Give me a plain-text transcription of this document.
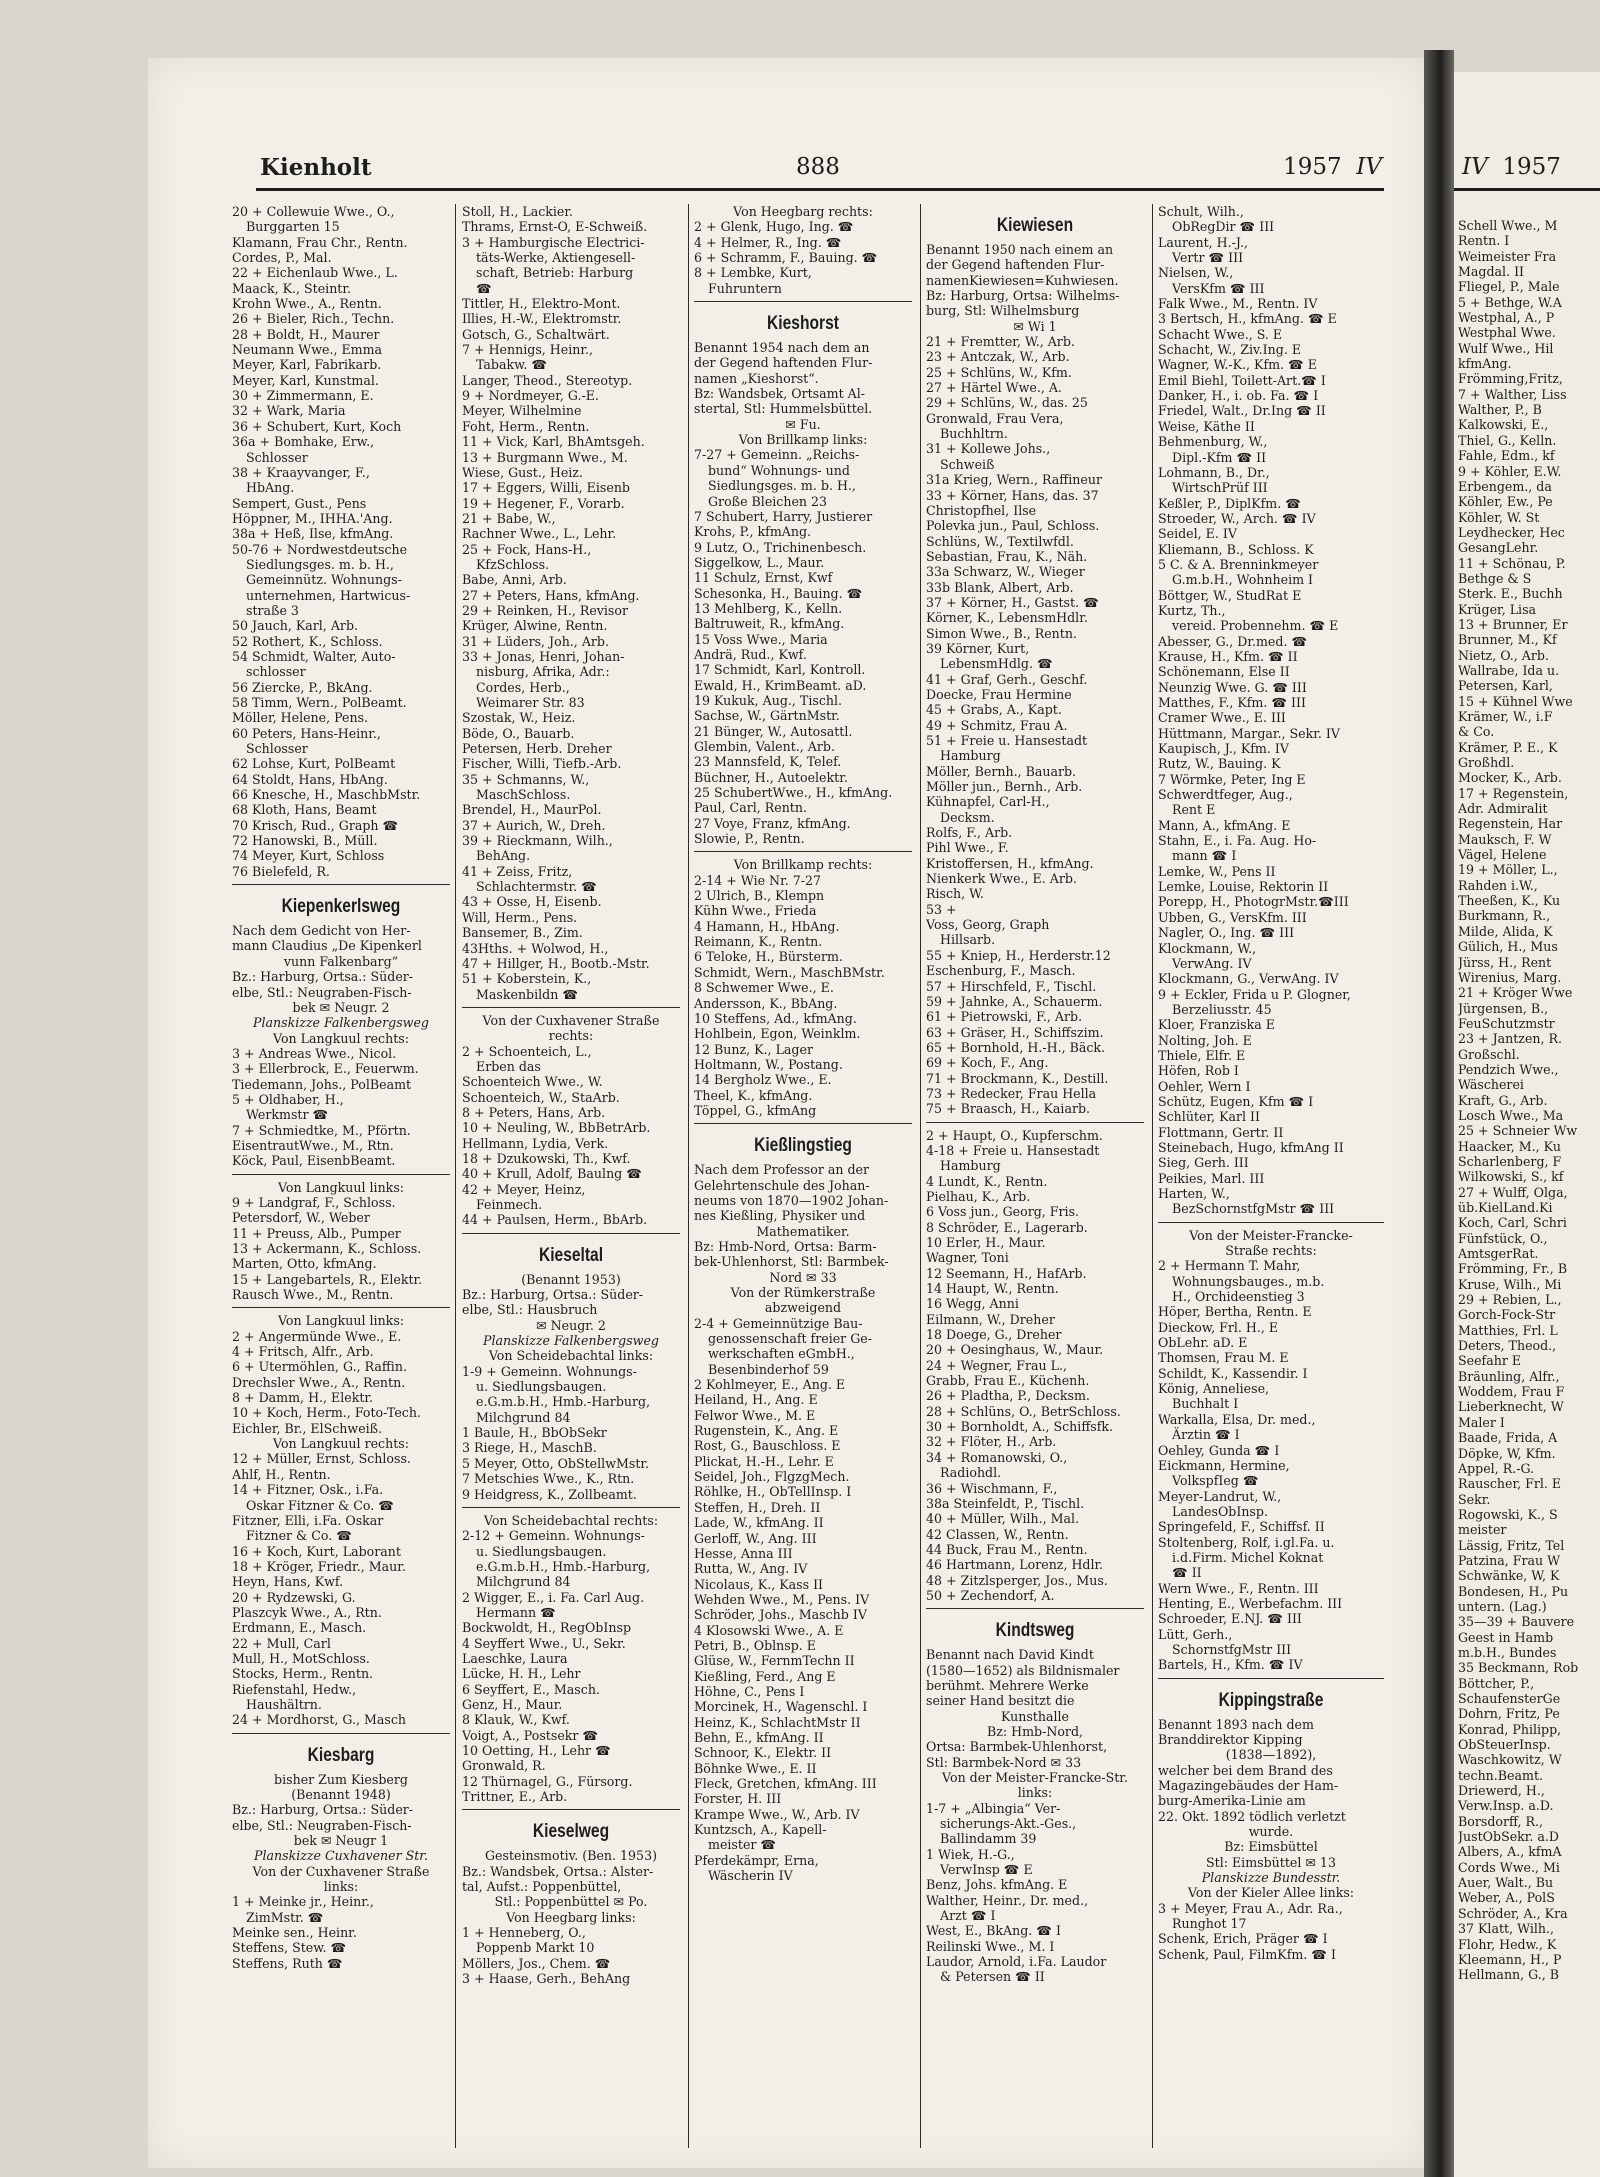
Kienholt	888	1957 IV
20 + Collewuie Wwe., O.,
Burggarten 15
Klamann, Frau Chr., Rentn.
Cordes, P., Mal.
22 + Eichenlaub Wwe., L.
Maack, K., Steintr.
Krohn Wwe., A., Rentn.
26 + Bieler, Rich., Techn.
28 + Boldt, H., Maurer
Neumann Wwe., Emma
Meyer, Karl, Fabrikarb.
Meyer, Karl, Kunstmal.
30 + Zimmermann, E.
32 + Wark, Maria
36 + Schubert, Kurt, Koch
36a + Bomhake, Erw.,
Schlosser
38 + Kraayvanger, F.,
HbAng.
Sempert, Gust., Pens
Höppner, M., IHHA.'Ang.
38a + Heß, Ilse, kfmAng.
50-76 + Nordwestdeutsche
Siedlungsges. m. b. H.,
Gemeinnütz. Wohnungs-
unternehmen, Hartwicus-
straße 3
50 Jauch, Karl, Arb.
52 Rothert, K., Schloss.
54 Schmidt, Walter, Auto-
schlosser
56 Ziercke, P., BkAng.
58 Timm, Wern., PolBeamt.
Möller, Helene, Pens.
60 Peters, Hans-Heinr.,
Schlosser
62 Lohse, Kurt, PolBeamt
64 Stoldt, Hans, HbAng.
66 Knesche, H., MaschbMstr.
68 Kloth, Hans, Beamt
70 Krisch, Rud., Graph ☎
72 Hanowski, B., Müll.
74 Meyer, Kurt, Schloss
76 Bielefeld, R.
Kiepenkerlsweg
Nach dem Gedicht von Her-
mann Claudius „De Kipenkerl
vunn Falkenbarg“
Bz.: Harburg, Ortsa.: Süder-
elbe, Stl.: Neugraben-Fisch-
bek ✉ Neugr. 2
Planskizze Falkenbergsweg
Von Langkuul rechts:
3 + Andreas Wwe., Nicol.
3 + Ellerbrock, E., Feuerwm.
Tiedemann, Johs., PolBeamt
5 + Oldhaber, H.,
Werkmstr ☎
7 + Schmiedtke, M., Pförtn.
EisentrautWwe., M., Rtn.
Köck, Paul, EisenbBeamt.
Von Langkuul links:
9 + Landgraf, F., Schloss.
Petersdorf, W., Weber
11 + Preuss, Alb., Pumper
13 + Ackermann, K., Schloss.
Marten, Otto, kfmAng.
15 + Langebartels, R., Elektr.
Rausch Wwe., M., Rentn.
Von Langkuul links:
2 + Angermünde Wwe., E.
4 + Fritsch, Alfr., Arb.
6 + Utermöhlen, G., Raffin.
Drechsler Wwe., A., Rentn.
8 + Damm, H., Elektr.
10 + Koch, Herm., Foto-Tech.
Eichler, Br., ElSchweiß.
Von Langkuul rechts:
12 + Müller, Ernst, Schloss.
Ahlf, H., Rentn.
14 + Fitzner, Osk., i.Fa.
Oskar Fitzner & Co. ☎
Fitzner, Elli, i.Fa. Oskar
Fitzner & Co. ☎
16 + Koch, Kurt, Laborant
18 + Kröger, Friedr., Maur.
Heyn, Hans, Kwf.
20 + Rydzewski, G.
Plaszcyk Wwe., A., Rtn.
Erdmann, E., Masch.
22 + Mull, Carl
Mull, H., MotSchloss.
Stocks, Herm., Rentn.
Riefenstahl, Hedw.,
Haushältrn.
24 + Mordhorst, G., Masch
Kiesbarg
bisher Zum Kiesberg
(Benannt 1948)
Bz.: Harburg, Ortsa.: Süder-
elbe, Stl.: Neugraben-Fisch-
bek ✉ Neugr 1
Planskizze Cuxhavener Str.
Von der Cuxhavener Straße
links:
1 + Meinke jr., Heinr.,
ZimMstr. ☎
Meinke sen., Heinr.
Steffens, Stew. ☎
Steffens, Ruth ☎
Stoll, H., Lackier.
Thrams, Ernst-O, E-Schweiß.
3 + Hamburgische Electrici-
täts-Werke, Aktiengesell-
schaft, Betrieb: Harburg
☎
Tittler, H., Elektro-Mont.
Illies, H.-W., Elektromstr.
Gotsch, G., Schaltwärt.
7 + Hennigs, Heinr.,
Tabakw. ☎
Langer, Theod., Stereotyp.
9 + Nordmeyer, G.-E.
Meyer, Wilhelmine
Foht, Herm., Rentn.
11 + Vick, Karl, BhAmtsgeh.
13 + Burgmann Wwe., M.
Wiese, Gust., Heiz.
17 + Eggers, Willi, Eisenb
19 + Hegener, F., Vorarb.
21 + Babe, W.,
Rachner Wwe., L., Lehr.
25 + Fock, Hans-H.,
KfzSchloss.
Babe, Anni, Arb.
27 + Peters, Hans, kfmAng.
29 + Reinken, H., Revisor
Krüger, Alwine, Rentn.
31 + Lüders, Joh., Arb.
33 + Jonas, Henri, Johan-
nisburg, Afrika, Adr.:
Cordes, Herb.,
Weimarer Str. 83
Szostak, W., Heiz.
Böde, O., Bauarb.
Petersen, Herb. Dreher
Fischer, Willi, Tiefb.-Arb.
35 + Schmanns, W.,
MaschSchloss.
Brendel, H., MaurPol.
37 + Aurich, W., Dreh.
39 + Rieckmann, Wilh.,
BehAng.
41 + Zeiss, Fritz,
Schlachtermstr. ☎
43 + Osse, H, Eisenb.
Will, Herm., Pens.
Bansemer, B., Zim.
43Hths. + Wolwod, H.,
47 + Hillger, H., Bootb.-Mstr.
51 + Koberstein, K.,
Maskenbildn ☎
Von der Cuxhavener Straße
rechts:
2 + Schoenteich, L.,
Erben das
Schoenteich Wwe., W.
Schoenteich, W., StaArb.
8 + Peters, Hans, Arb.
10 + Neuling, W., BbBetrArb.
Hellmann, Lydia, Verk.
18 + Dzukowski, Th., Kwf.
40 + Krull, Adolf, Baulng ☎
42 + Meyer, Heinz,
Feinmech.
44 + Paulsen, Herm., BbArb.
Kieseltal
(Benannt 1953)
Bz.: Harburg, Ortsa.: Süder-
elbe, Stl.: Hausbruch
✉ Neugr. 2
Planskizze Falkenbergsweg
Von Scheidebachtal links:
1-9 + Gemeinn. Wohnungs-
u. Siedlungsbaugen.
e.G.m.b.H., Hmb.-Harburg,
Milchgrund 84
1 Baule, H., BbObSekr
3 Riege, H., MaschB.
5 Meyer, Otto, ObStellwMstr.
7 Metschies Wwe., K., Rtn.
9 Heidgress, K., Zollbeamt.
Von Scheidebachtal rechts:
2-12 + Gemeinn. Wohnungs-
u. Siedlungsbaugen.
e.G.m.b.H., Hmb.-Harburg,
Milchgrund 84
2 Wigger, E., i. Fa. Carl Aug.
Hermann ☎
Bockwoldt, H., RegObInsp
4 Seyffert Wwe., U., Sekr.
Laeschke, Laura
Lücke, H. H., Lehr
6 Seyffert, E., Masch.
Genz, H., Maur.
8 Klauk, W., Kwf.
Voigt, A., Postsekr ☎
10 Oetting, H., Lehr ☎
Gronwald, R.
12 Thürnagel, G., Fürsorg.
Trittner, E., Arb.
Kieselweg
Gesteinsmotiv. (Ben. 1953)
Bz.: Wandsbek, Ortsa.: Alster-
tal, Aufst.: Poppenbüttel,
Stl.: Poppenbüttel ✉ Po.
Von Heegbarg links:
1 + Henneberg, O.,
Poppenb Markt 10
Möllers, Jos., Chem. ☎
3 + Haase, Gerh., BehAng
Von Heegbarg rechts:
2 + Glenk, Hugo, Ing. ☎
4 + Helmer, R., Ing. ☎
6 + Schramm, F., Bauing. ☎
8 + Lembke, Kurt,
Fuhruntern
Kieshorst
Benannt 1954 nach dem an
der Gegend haftenden Flur-
namen „Kieshorst“.
Bz: Wandsbek, Ortsamt Al-
stertal, Stl: Hummelsbüttel.
✉ Fu.
Von Brillkamp links:
7-27 + Gemeinn. „Reichs-
bund“ Wohnungs- und
Siedlungsges. m. b. H.,
Große Bleichen 23
7 Schubert, Harry, Justierer
Krohs, P., kfmAng.
9 Lutz, O., Trichinenbesch.
Siggelkow, L., Maur.
11 Schulz, Ernst, Kwf
Schesonka, H., Bauing. ☎
13 Mehlberg, K., Kelln.
Baltruweit, R., kfmAng.
15 Voss Wwe., Maria
Andrä, Rud., Kwf.
17 Schmidt, Karl, Kontroll.
Ewald, H., KrimBeamt. aD.
19 Kukuk, Aug., Tischl.
Sachse, W., GärtnMstr.
21 Bünger, W., Autosattl.
Glembin, Valent., Arb.
23 Mannsfeld, K, Telef.
Büchner, H., Autoelektr.
25 SchubertWwe., H., kfmAng.
Paul, Carl, Rentn.
27 Voye, Franz, kfmAng.
Slowie, P., Rentn.
Von Brillkamp rechts:
2-14 + Wie Nr. 7-27
2 Ulrich, B., Klempn
Kühn Wwe., Frieda
4 Hamann, H., HbAng.
Reimann, K., Rentn.
6 Teloke, H., Bürsterm.
Schmidt, Wern., MaschBMstr.
8 Schwemer Wwe., E.
Andersson, K., BbAng.
10 Steffens, Ad., kfmAng.
Hohlbein, Egon, Weinklm.
12 Bunz, K., Lager
Holtmann, W., Postang.
14 Bergholz Wwe., E.
Theel, K., kfmAng.
Töppel, G., kfmAng
Kießlingstieg
Nach dem Professor an der
Gelehrtenschule des Johan-
neums von 1870—1902 Johan-
nes Kießling, Physiker und
Mathematiker.
Bz: Hmb-Nord, Ortsa: Barm-
bek-Uhlenhorst, Stl: Barmbek-
Nord ✉ 33
Von der Rümkerstraße
abzweigend
2-4 + Gemeinnützige Bau-
genossenschaft freier Ge-
werkschaften eGmbH.,
Besenbinderhof 59
2 Kohlmeyer, E., Ang. E
Heiland, H., Ang. E
Felwor Wwe., M. E
Rugenstein, K., Ang. E
Rost, G., Bauschloss. E
Plickat, H.-H., Lehr. E
Seidel, Joh., FlgzgMech.
Röhlke, H., ObTellInsp. I
Steffen, H., Dreh. II
Lade, W., kfmAng. II
Gerloff, W., Ang. III
Hesse, Anna III
Rutta, W., Ang. IV
Nicolaus, K., Kass II
Wehden Wwe., M., Pens. IV
Schröder, Johs., Maschb IV
4 Klosowski Wwe., A. E
Petri, B., Oblnsp. E
Glüse, W., FernmTechn II
Kießling, Ferd., Ang E
Höhne, C., Pens I
Morcinek, H., Wagenschl. I
Heinz, K., SchlachtMstr II
Behn, E., kfmAng. II
Schnoor, K., Elektr. II
Böhnke Wwe., E. II
Fleck, Gretchen, kfmAng. III
Forster, H. III
Krampe Wwe., W., Arb. IV
Kuntzsch, A., Kapell-
meister ☎
Pferdekämpr, Erna,
Wäscherin IV
Kiewiesen
Benannt 1950 nach einem an
der Gegend haftenden Flur-
namenKiewiesen=Kuhwiesen.
Bz: Harburg, Ortsa: Wilhelms-
burg, Stl: Wilhelmsburg
✉ Wi 1
21 + Fremtter, W., Arb.
23 + Antczak, W., Arb.
25 + Schlüns, W., Kfm.
27 + Härtel Wwe., A.
29 + Schlüns, W., das. 25
Gronwald, Frau Vera,
Buchhltrn.
31 + Kollewe Johs.,
Schweiß
31a Krieg, Wern., Raffineur
33 + Körner, Hans, das. 37
Christopfhel, Ilse
Polevka jun., Paul, Schloss.
Schlüns, W., Textilwfdl.
Sebastian, Frau, K., Näh.
33a Schwarz, W., Wieger
33b Blank, Albert, Arb.
37 + Körner, H., Gastst. ☎
Körner, K., LebensmHdlr.
Simon Wwe., B., Rentn.
39 Körner, Kurt,
LebensmHdlg. ☎
41 + Graf, Gerh., Geschf.
Doecke, Frau Hermine
45 + Grabs, A., Kapt.
49 + Schmitz, Frau A.
51 + Freie u. Hansestadt
Hamburg
Möller, Bernh., Bauarb.
Möller jun., Bernh., Arb.
Kühnapfel, Carl-H.,
Decksm.
Rolfs, F., Arb.
Pihl Wwe., F.
Kristoffersen, H., kfmAng.
Nienkerk Wwe., E. Arb.
Risch, W.
53 +
Voss, Georg, Graph
Hillsarb.
55 + Kniep, H., Herderstr.12
Eschenburg, F., Masch.
57 + Hirschfeld, F., Tischl.
59 + Jahnke, A., Schauerm.
61 + Pietrowski, F., Arb.
63 + Gräser, H., Schiffszim.
65 + Bornhold, H.-H., Bäck.
69 + Koch, F., Ang.
71 + Brockmann, K., Destill.
73 + Redecker, Frau Hella
75 + Braasch, H., Kaiarb.
2 + Haupt, O., Kupferschm.
4-18 + Freie u. Hansestadt
Hamburg
4 Lundt, K., Rentn.
Pielhau, K., Arb.
6 Voss jun., Georg, Fris.
8 Schröder, E., Lagerarb.
10 Erler, H., Maur.
Wagner, Toni
12 Seemann, H., HafArb.
14 Haupt, W., Rentn.
16 Wegg, Anni
Eilmann, W., Dreher
18 Doege, G., Dreher
20 + Oesinghaus, W., Maur.
24 + Wegner, Frau L.,
Grabb, Frau E., Küchenh.
26 + Pladtha, P., Decksm.
28 + Schlüns, O., BetrSchloss.
30 + Bornholdt, A., Schiffsfk.
32 + Flöter, H., Arb.
34 + Romanowski, O.,
Radiohdl.
36 + Wischmann, F.,
38a Steinfeldt, P., Tischl.
40 + Müller, Wilh., Mal.
42 Classen, W., Rentn.
44 Buck, Frau M., Rentn.
46 Hartmann, Lorenz, Hdlr.
48 + Zitzlsperger, Jos., Mus.
50 + Zechendorf, A.
Kindtsweg
Benannt nach David Kindt
(1580—1652) als Bildnismaler
berühmt. Mehrere Werke
seiner Hand besitzt die
Kunsthalle
Bz: Hmb-Nord,
Ortsa: Barmbek-Uhlenhorst,
Stl: Barmbek-Nord ✉ 33
Von der Meister-Francke-Str.
links:
1-7 + „Albingia“ Ver-
sicherungs-Akt.-Ges.,
Ballindamm 39
1 Wiek, H.-G.,
VerwInsp ☎ E
Benz, Johs. kfmAng. E
Walther, Heinr., Dr. med.,
Arzt ☎ I
West, E., BkAng. ☎ I
Reilinski Wwe., M. I
Laudor, Arnold, i.Fa. Laudor
& Petersen ☎ II
Schult, Wilh.,
ObRegDir ☎ III
Laurent, H.-J.,
Vertr ☎ III
Nielsen, W.,
VersKfm ☎ III
Falk Wwe., M., Rentn. IV
3 Bertsch, H., kfmAng. ☎ E
Schacht Wwe., S. E
Schacht, W., Ziv.Ing. E
Wagner, W.-K., Kfm. ☎ E
Emil Biehl, Toilett-Art.☎ I
Danker, H., i. ob. Fa. ☎ I
Friedel, Walt., Dr.Ing ☎ II
Weise, Käthe II
Behmenburg, W.,
Dipl.-Kfm ☎ II
Lohmann, B., Dr.,
WirtschPrüf III
Keßler, P., DiplKfm. ☎
Stroeder, W., Arch. ☎ IV
Seidel, E. IV
Kliemann, B., Schloss. K
5 C. & A. Brenninkmeyer
G.m.b.H., Wohnheim I
Böttger, W., StudRat E
Kurtz, Th.,
vereid. Probennehm. ☎ E
Abesser, G., Dr.med. ☎
Krause, H., Kfm. ☎ II
Schönemann, Else II
Neunzig Wwe. G. ☎ III
Matthes, F., Kfm. ☎ III
Cramer Wwe., E. III
Hüttmann, Margar., Sekr. IV
Kaupisch, J., Kfm. IV
Rutz, W., Bauing. K
7 Wörmke, Peter, Ing E
Schwerdtfeger, Aug.,
Rent E
Mann, A., kfmAng. E
Stahn, E., i. Fa. Aug. Ho-
mann ☎ I
Lemke, W., Pens II
Lemke, Louise, Rektorin II
Porepp, H., PhotogrMstr.☎III
Ubben, G., VersKfm. III
Nagler, O., Ing. ☎ III
Klockmann, W.,
VerwAng. IV
Klockmann, G., VerwAng. IV
9 + Eckler, Frida u P. Glogner,
Berzeliusstr. 45
Kloer, Franziska E
Nolting, Joh. E
Thiele, Elfr. E
Höfen, Rob I
Oehler, Wern I
Schütz, Eugen, Kfm ☎ I
Schlüter, Karl II
Flottmann, Gertr. II
Steinebach, Hugo, kfmAng II
Sieg, Gerh. III
Peikies, Marl. III
Harten, W.,
BezSchornstfgMstr ☎ III
Von der Meister-Francke-
Straße rechts:
2 + Hermann T. Mahr,
Wohnungsbauges., m.b.
H., Orchideenstieg 3
Höper, Bertha, Rentn. E
Dieckow, Frl. H., E
ObLehr. aD. E
Thomsen, Frau M. E
Schildt, K., Kassendir. I
König, Anneliese,
Buchhalt I
Warkalla, Elsa, Dr. med.,
Ärztin ☎ I
Oehley, Gunda ☎ I
Eickmann, Hermine,
VolkspfIeg ☎
Meyer-Landrut, W.,
LandesObInsp.
Springefeld, F., Schiffsf. II
Stoltenberg, Rolf, i.gl.Fa. u.
i.d.Firm. Michel Koknat
☎ II
Wern Wwe., F., Rentn. III
Henting, E., Werbefachm. III
Schroeder, E.NJ. ☎ III
Lütt, Gerh.,
SchornstfgMstr III
Bartels, H., Kfm. ☎ IV
Kippingstraße
Benannt 1893 nach dem
Branddirektor Kipping
(1838—1892),
welcher bei dem Brand des
Magazingebäudes der Ham-
burg-Amerika-Linie am
22. Okt. 1892 tödlich verletzt
wurde.
Bz: Eimsbüttel
Stl: Eimsbüttel ✉ 13
Planskizze Bundesstr.
Von der Kieler Allee links:
3 + Meyer, Frau A., Adr. Ra.,
Runghot 17
Schenk, Erich, Präger ☎ I
Schenk, Paul, FilmKfm. ☎ I
IV 1957
Schell Wwe., M
Rentn. I
Weimeister Fra
Magdal. II
Fliegel, P., Male
5 + Bethge, W.A
Westphal, A., P
Westphal Wwe.
Wulf Wwe., Hil
kfmAng.
Frömming,Fritz,
7 + Walther, Liss
Walther, P., B
Kalkowski, E.,
Thiel, G., Kelln.
Fahle, Edm., kf
9 + Köhler, E.W.
Erbengem., da
Köhler, Ew., Pe
Köhler, W. St
Leydhecker, Hec
GesangLehr.
11 + Schönau, P.
Bethge & S
Sterk. E., Buchh
Krüger, Lisa
13 + Brunner, Er
Brunner, M., Kf
Nietz, O., Arb.
Wallrabe, Ida u.
Petersen, Karl,
15 + Kühnel Wwe
Krämer, W., i.F
& Co.
Krämer, P. E., K
Großhdl.
Mocker, K., Arb.
17 + Regenstein,
Adr. Admiralit
Regenstein, Har
Mauksch, F. W
Vägel, Helene
19 + Möller, L.,
Rahden i.W.,
Theeßen, K., Ku
Burkmann, R.,
Milde, Alida, K
Gülich, H., Mus
Jürss, H., Rent
Wirenius, Marg.
21 + Kröger Wwe
Jürgensen, B.,
FeuSchutzmstr
23 + Jantzen, R.
Großschl.
Pendzich Wwe.,
Wäscherei
Kraft, G., Arb.
Losch Wwe., Ma
25 + Schneier Ww
Haacker, M., Ku
Scharlenberg, F
Wilkowski, S., kf
27 + Wulff, Olga,
üb.KielLand.Ki
Koch, Carl, Schri
Fünfstück, O.,
AmtsgerRat.
Frömming, Fr., B
Kruse, Wilh., Mi
29 + Rebien, L.,
Gorch-Fock-Str
Matthies, Frl. L
Deters, Theod.,
Seefahr E
Bräunling, Alfr.,
Woddem, Frau F
Lieberknecht, W
Maler I
Baade, Frida, A
Döpke, W, Kfm.
Appel, R.-G.
Rauscher, Frl. E
Sekr.
Rogowski, K., S
meister
Lässig, Fritz, Tel
Patzina, Frau W
Schwänke, W, K
Bondesen, H., Pu
untern. (Lag.)
35—39 + Bauvere
Geest in Hamb
m.b.H., Bundes
35 Beckmann, Rob
Böttcher, P.,
SchaufensterGe
Dohrn, Fritz, Pe
Konrad, Philipp,
ObSteuerInsp.
Waschkowitz, W
techn.Beamt.
Driewerd, H.,
Verw.Insp. a.D.
Borsdorff, R.,
JustObSekr. a.D
Albers, A., kfmA
Cords Wwe., Mi
Auer, Walt., Bu
Weber, A., PolS
Schröder, A., Kra
37 Klatt, Wilh.,
Flohr, Hedw., K
Kleemann, H., P
Hellmann, G., B
